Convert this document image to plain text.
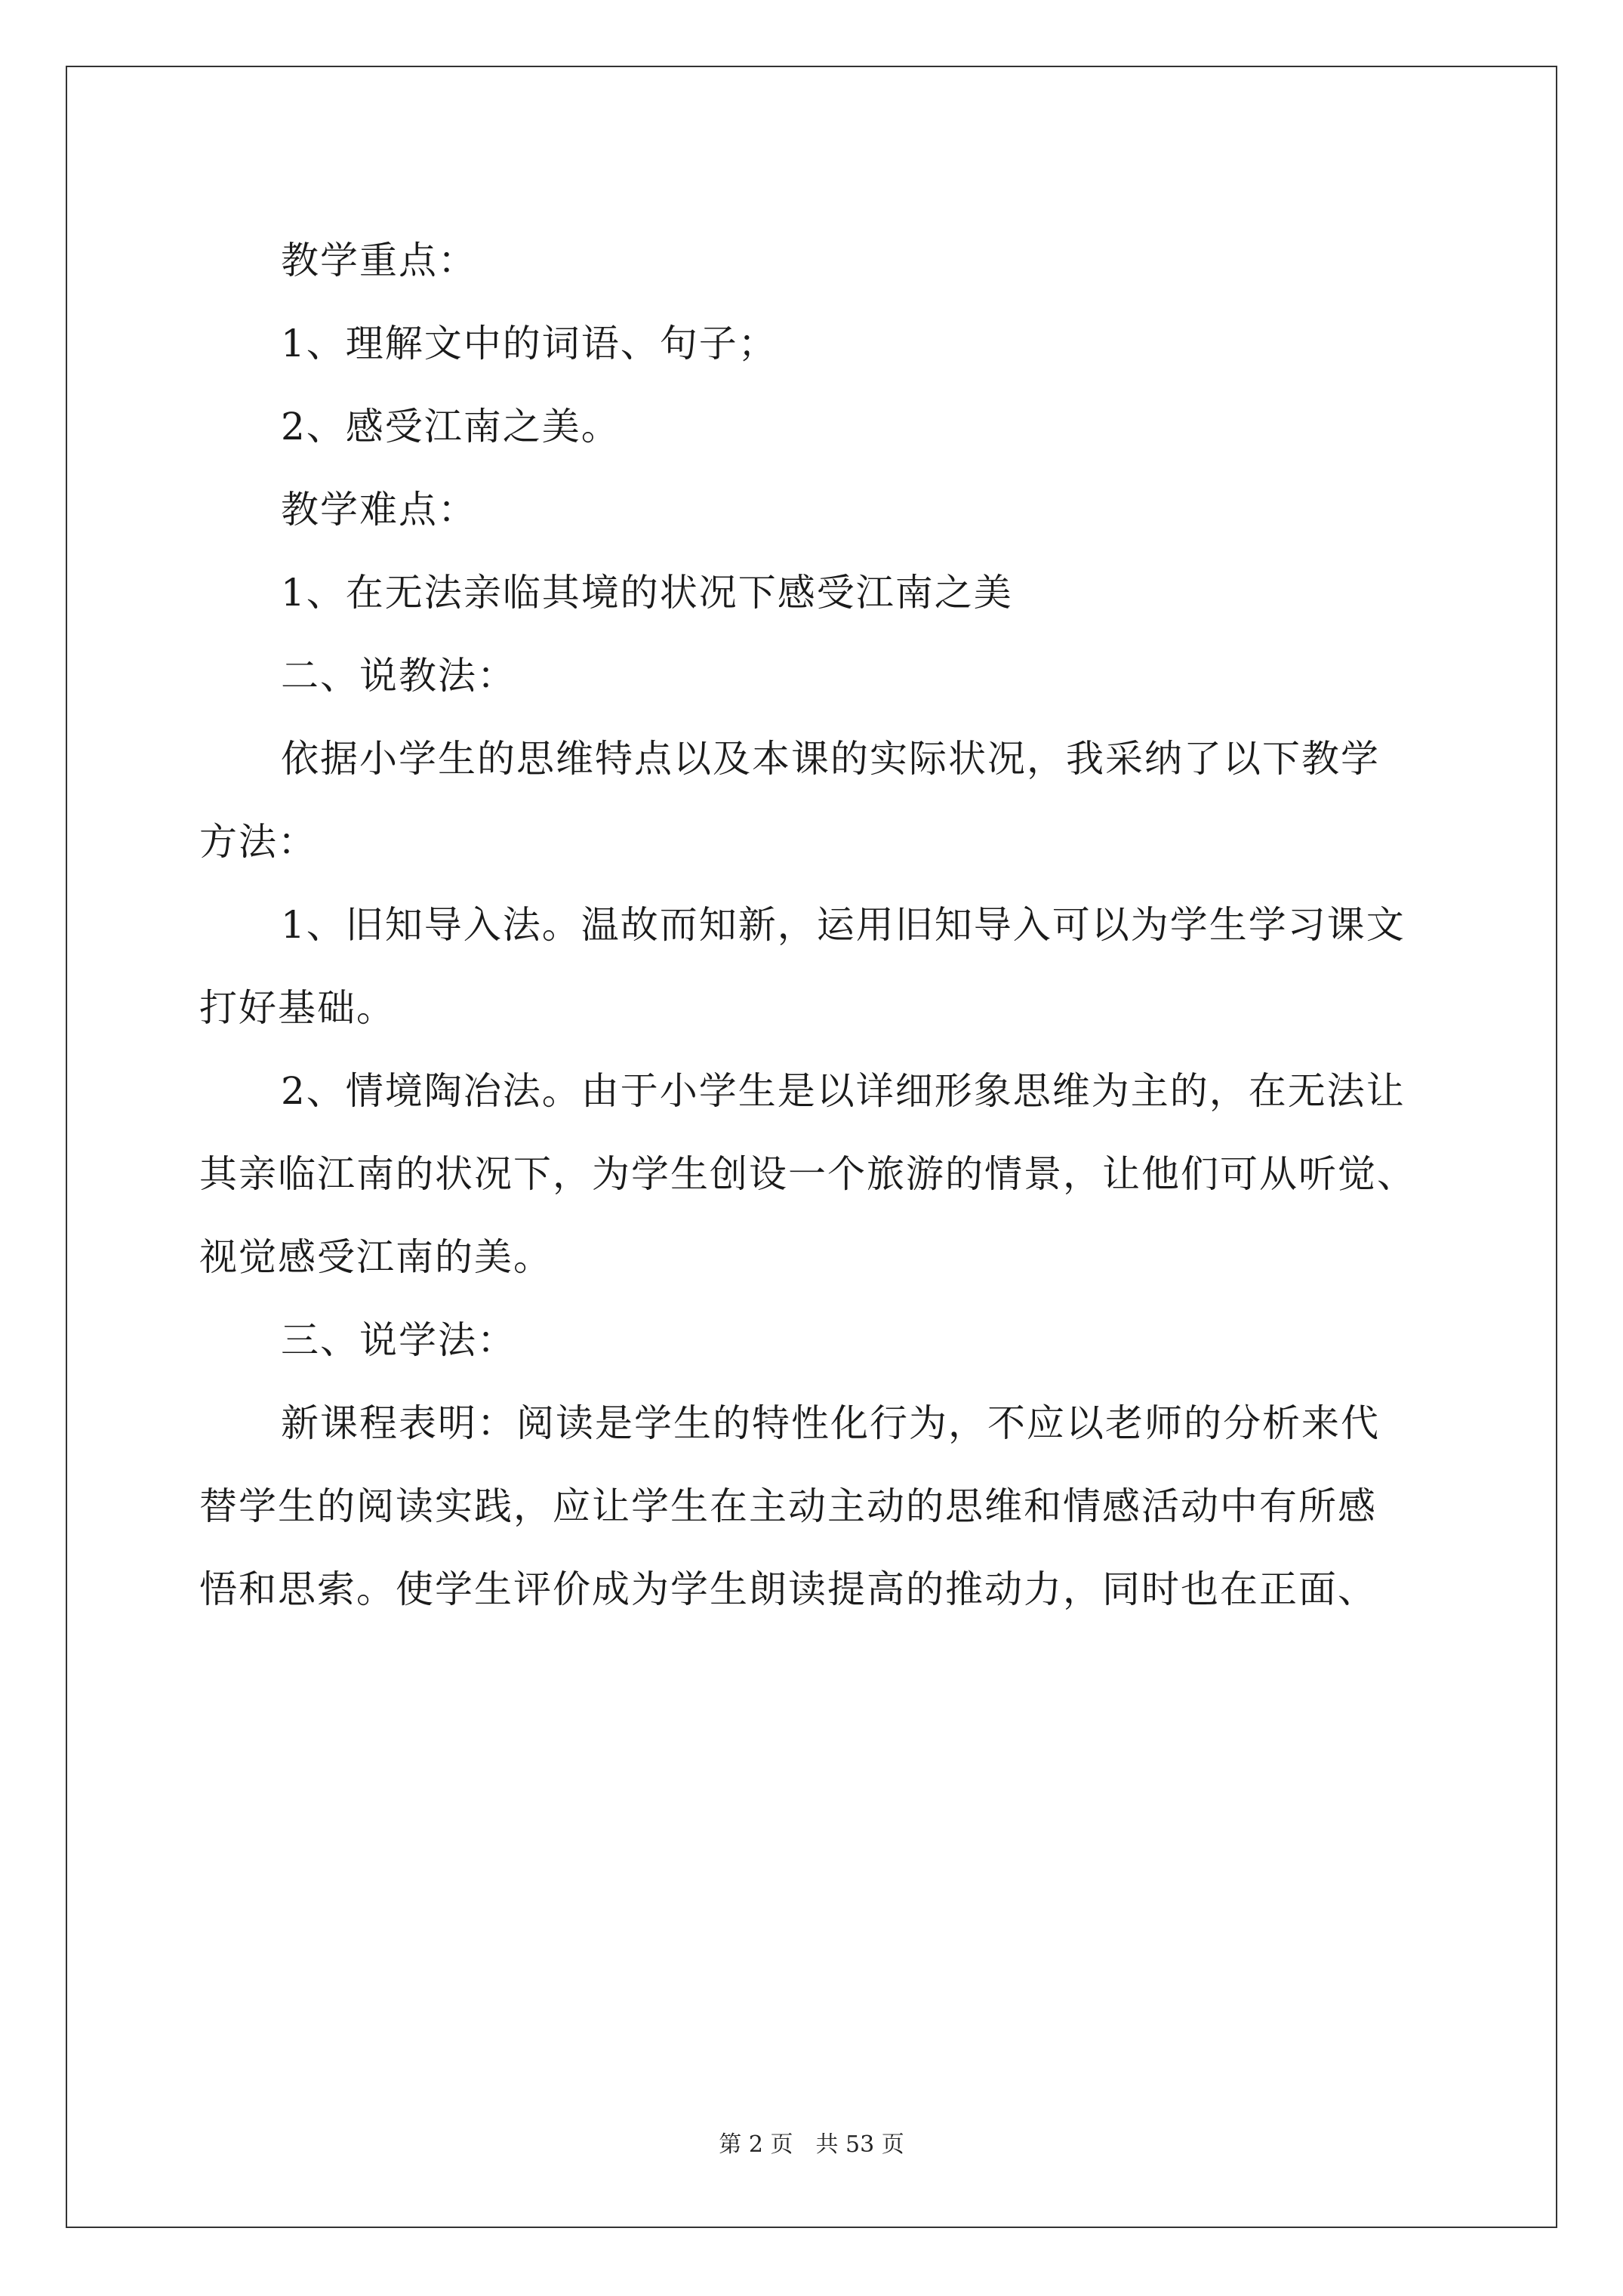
教学重点：

1、理解文中的词语、句子；

2、感受江南之美。

教学难点：

1、在无法亲临其境的状况下感受江南之美

二、说教法：

依据小学生的思维特点以及本课的实际状况，我采纳了以下教学

方法：

1、旧知导入法。温故而知新，运用旧知导入可以为学生学习课文

打好基础。

2、情境陶冶法。由于小学生是以详细形象思维为主的，在无法让

其亲临江南的状况下，为学生创设一个旅游的情景，让他们可从听觉、

视觉感受江南的美。

三、说学法：

新课程表明：阅读是学生的特性化行为，不应以老师的分析来代

替学生的阅读实践，应让学生在主动主动的思维和情感活动中有所感

悟和思索。使学生评价成为学生朗读提高的推动力，同时也在正面、

第 2 页 共 53 页
